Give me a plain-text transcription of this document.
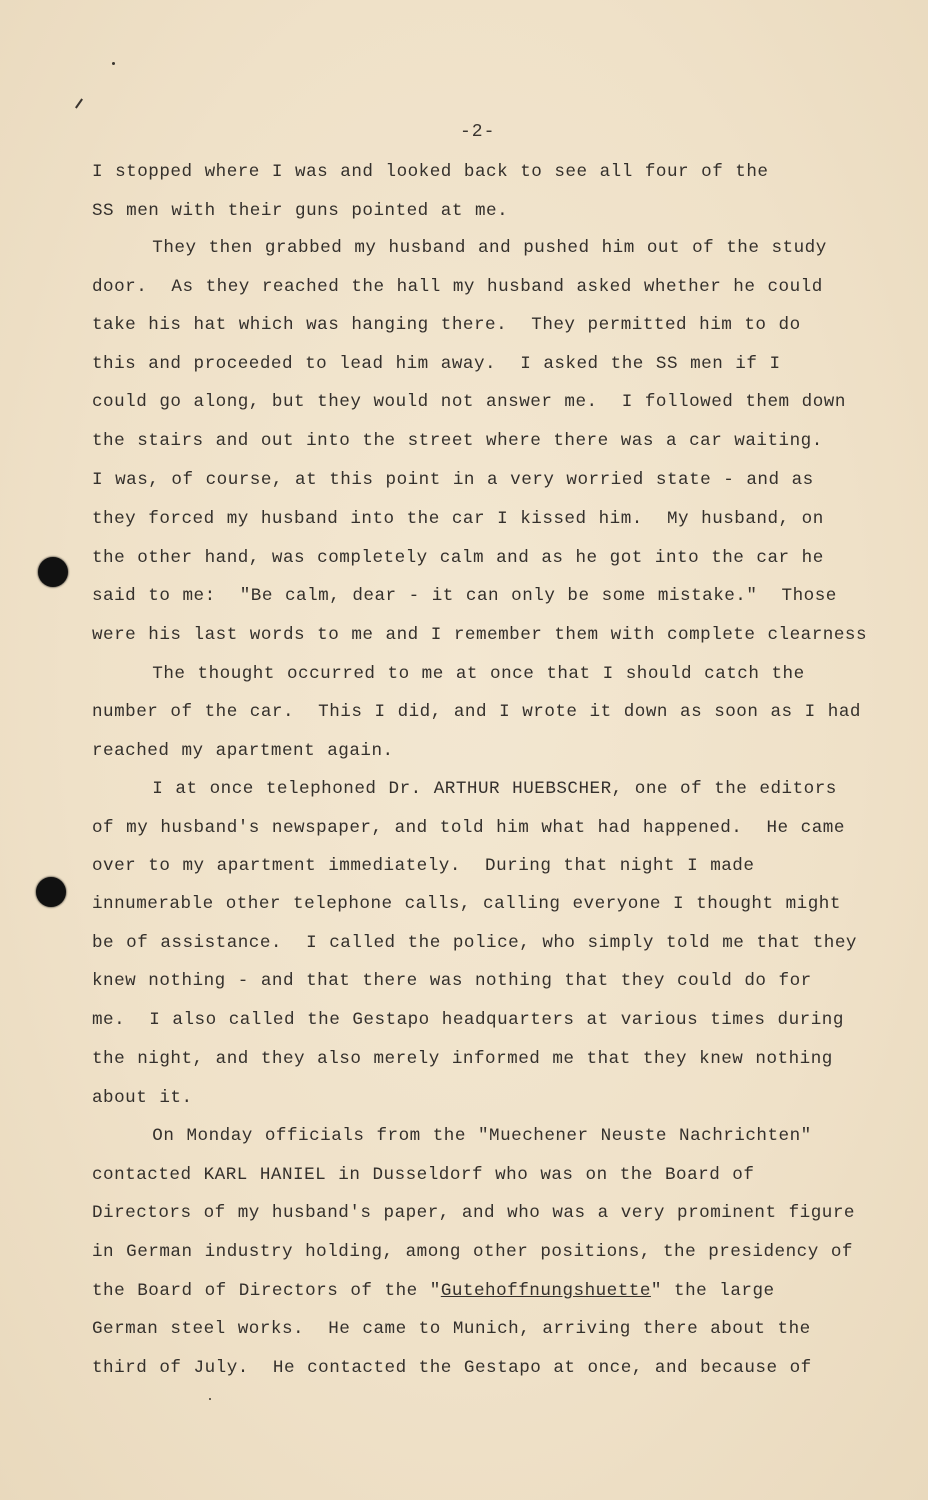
-2-
I stopped where I was and looked back to see all four of the
SS men with their guns pointed at me.
They then grabbed my husband and pushed him out of the study
door.  As they reached the hall my husband asked whether he could
take his hat which was hanging there.  They permitted him to do
this and proceeded to lead him away.  I asked the SS men if I
could go along, but they would not answer me.  I followed them down
the stairs and out into the street where there was a car waiting.
I was, of course, at this point in a very worried state - and as
they forced my husband into the car I kissed him.  My husband, on
the other hand, was completely calm and as he got into the car he
said to me:  "Be calm, dear - it can only be some mistake."  Those
were his last words to me and I remember them with complete clearness
The thought occurred to me at once that I should catch the
number of the car.  This I did, and I wrote it down as soon as I had
reached my apartment again.
I at once telephoned Dr. ARTHUR HUEBSCHER, one of the editors
of my husband's newspaper, and told him what had happened.  He came
over to my apartment immediately.  During that night I made
innumerable other telephone calls, calling everyone I thought might
be of assistance.  I called the police, who simply told me that they
knew nothing - and that there was nothing that they could do for
me.  I also called the Gestapo headquarters at various times during
the night, and they also merely informed me that they knew nothing
about it.
On Monday officials from the "Muechener Neuste Nachrichten"
contacted KARL HANIEL in Dusseldorf who was on the Board of
Directors of my husband's paper, and who was a very prominent figure
in German industry holding, among other positions, the presidency of
the Board of Directors of the "Gutehoffnungshuette" the large
German steel works.  He came to Munich, arriving there about the
third of July.  He contacted the Gestapo at once, and because of
